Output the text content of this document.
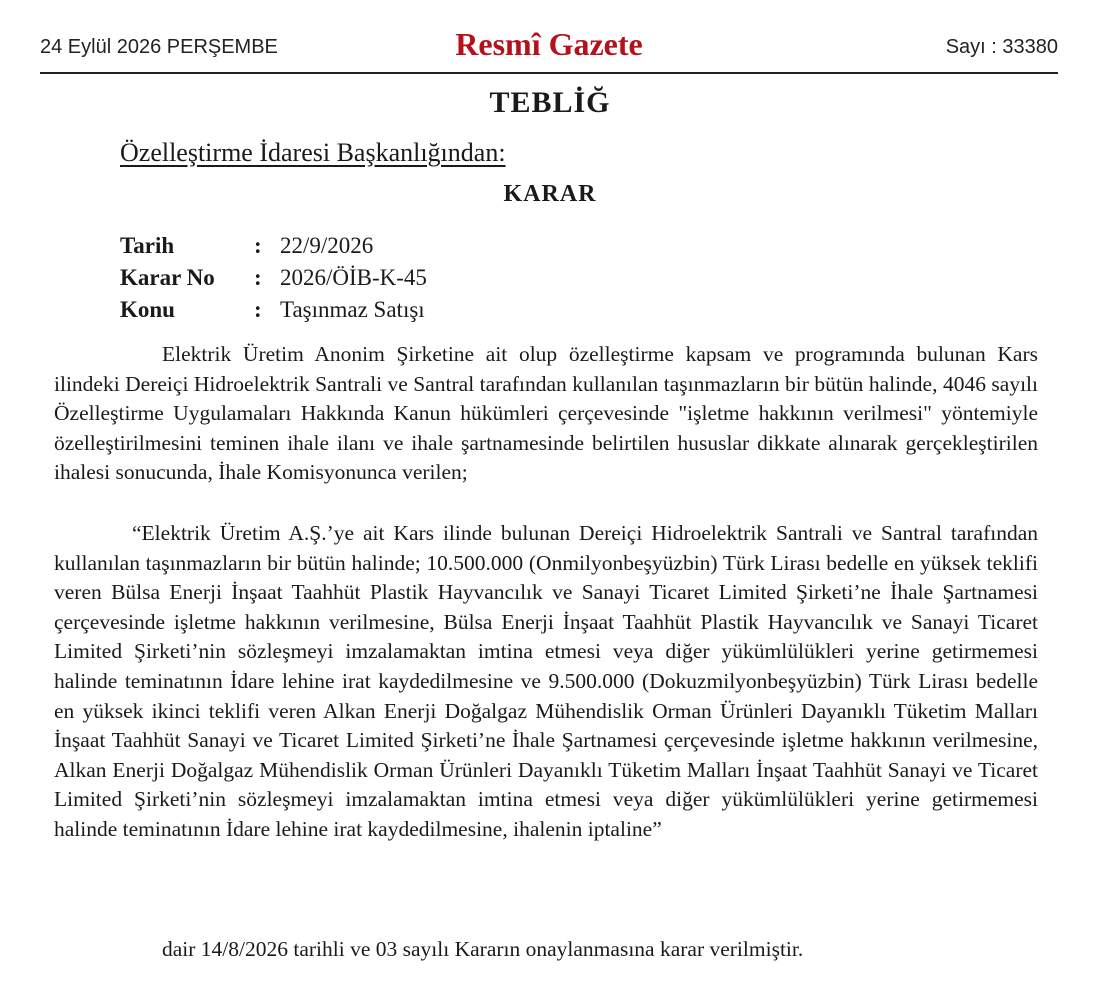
24 Eylül 2026 PERŞEMBE	Resmî Gazete	Sayı : 33380
TEBLİĞ
Özelleştirme İdaresi Başkanlığından:
KARAR
Tarih	: 22/9/2026
Karar No : 2026/ÖİB-K-45
Konu	: Taşınmaz Satışı

Elektrik Üretim Anonim Şirketine ait olup özelleştirme kapsam ve programında bulunan Kars ilindeki Dereiçi Hidroelektrik Santrali ve Santral tarafından kullanılan taşınmazların bir bütün halinde, 4046 sayılı Özelleştirme Uygulamaları Hakkında Kanun hükümleri çerçevesinde "işletme hakkının verilmesi" yöntemiyle özelleştirilmesini teminen ihale ilanı ve ihale şartnamesinde belirtilen hususlar dikkate alınarak gerçekleştirilen ihalesi sonucunda, İhale Komisyonunca verilen;

“Elektrik Üretim A.Ş.’ye ait Kars ilinde bulunan Dereiçi Hidroelektrik Santrali ve Santral tarafından kullanılan taşınmazların bir bütün halinde; 10.500.000 (Onmilyonbeşyüzbin) Türk Lirası bedelle en yüksek teklifi veren Bülsa Enerji İnşaat Taahhüt Plastik Hayvancılık ve Sanayi Ticaret Limited Şirketi’ne İhale Şartnamesi çerçevesinde işletme hakkının verilmesine, Bülsa Enerji İnşaat Taahhüt Plastik Hayvancılık ve Sanayi Ticaret Limited Şirketi’nin sözleşmeyi imzalamaktan imtina etmesi veya diğer yükümlülükleri yerine getirmemesi halinde teminatının İdare lehine irat kaydedilmesine ve 9.500.000 (Dokuzmilyonbeşyüzbin) Türk Lirası bedelle en yüksek ikinci teklifi veren Alkan Enerji Doğalgaz Mühendislik Orman Ürünleri Dayanıklı Tüketim Malları İnşaat Taahhüt Sanayi ve Ticaret Limited Şirketi’ne İhale Şartnamesi çerçevesinde işletme hakkının verilmesine, Alkan Enerji Doğalgaz Mühendislik Orman Ürünleri Dayanıklı Tüketim Malları İnşaat Taahhüt Sanayi ve Ticaret Limited Şirketi’nin sözleşmeyi imzalamaktan imtina etmesi veya diğer yükümlülükleri yerine getirmemesi halinde teminatının İdare lehine irat kaydedilmesine, ihalenin iptaline”

dair 14/8/2026 tarihli ve 03 sayılı Kararın onaylanmasına karar verilmiştir.
